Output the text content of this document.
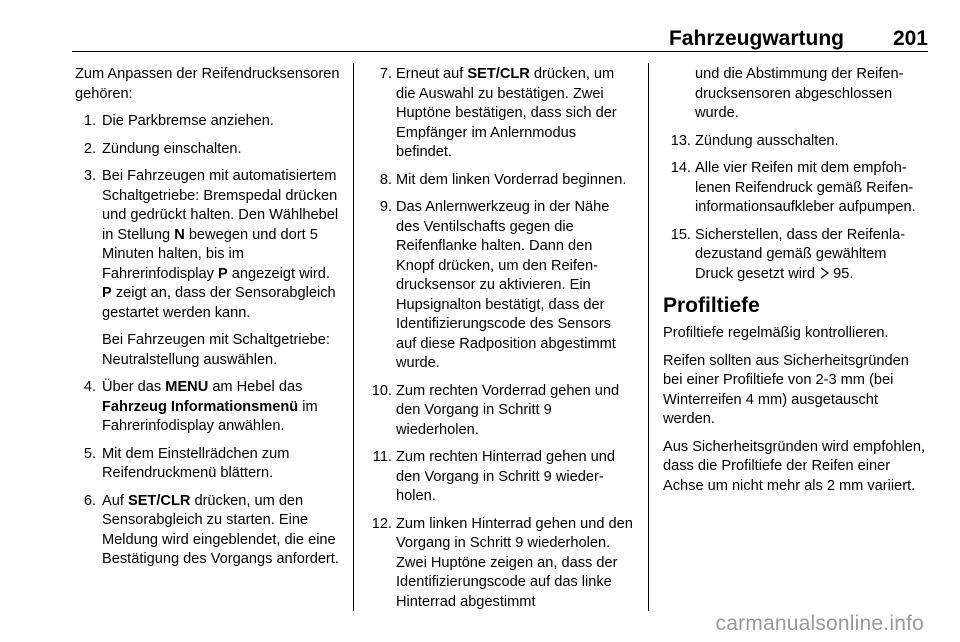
Fahrzeugwartung 201

Zum Anpassen der Reifendrucksensoren gehören:

1. Die Parkbremse anziehen.
2. Zündung einschalten.
3. Bei Fahrzeugen mit automatisiertem Schaltgetriebe: Bremspedal drücken und gedrückt halten. Den Wählhebel in Stellung N bewegen und dort 5 Minuten halten, bis im Fahrerinfodisplay P angezeigt wird. P zeigt an, dass der Sensorabgleich gestartet werden kann.
Bei Fahrzeugen mit Schaltgetriebe: Neutralstellung auswählen.
4. Über das MENU am Hebel das Fahrzeug Informationsmenü im Fahrerinfodisplay anwählen.
5. Mit dem Einstellrädchen zum Reifendruckmenü blättern.
6. Auf SET/CLR drücken, um den Sensorabgleich zu starten. Eine Meldung wird eingeblendet, die eine Bestätigung des Vorgangs anfordert.
7. Erneut auf SET/CLR drücken, um die Auswahl zu bestätigen. Zwei Huptöne bestätigen, dass sich der Empfänger im Anlernmodus befindet.
8. Mit dem linken Vorderrad beginnen.
9. Das Anlernwerkzeug in der Nähe des Ventilschafts gegen die Reifenflanke halten. Dann den Knopf drücken, um den Reifendrucksensor zu aktivieren. Ein Hupsignalton bestätigt, dass der Identifizierungscode des Sensors auf diese Radposition abgestimmt wurde.
10. Zum rechten Vorderrad gehen und den Vorgang in Schritt 9 wiederholen.
11. Zum rechten Hinterrad gehen und den Vorgang in Schritt 9 wiederholen.
12. Zum linken Hinterrad gehen und den Vorgang in Schritt 9 wiederholen. Zwei Huptöne zeigen an, dass der Identifizierungscode auf das linke Hinterrad abgestimmt
und die Abstimmung der Reifendrucksensoren abgeschlossen wurde.
13. Zündung ausschalten.
14. Alle vier Reifen mit dem empfohlenen Reifendruck gemäß Reifeninformationsaufkleber aufpumpen.
15. Sicherstellen, dass der Reifenladezustand gemäß gewähltem Druck gesetzt wird 95.
Profiltiefe

Profiltiefe regelmäßig kontrollieren.

Reifen sollten aus Sicherheitsgründen bei einer Profiltiefe von 2-3 mm (bei Winterreifen 4 mm) ausgetauscht werden.

Aus Sicherheitsgründen wird empfohlen, dass die Profiltiefe der Reifen einer Achse um nicht mehr als 2 mm variiert.

carmanualsonline.info
